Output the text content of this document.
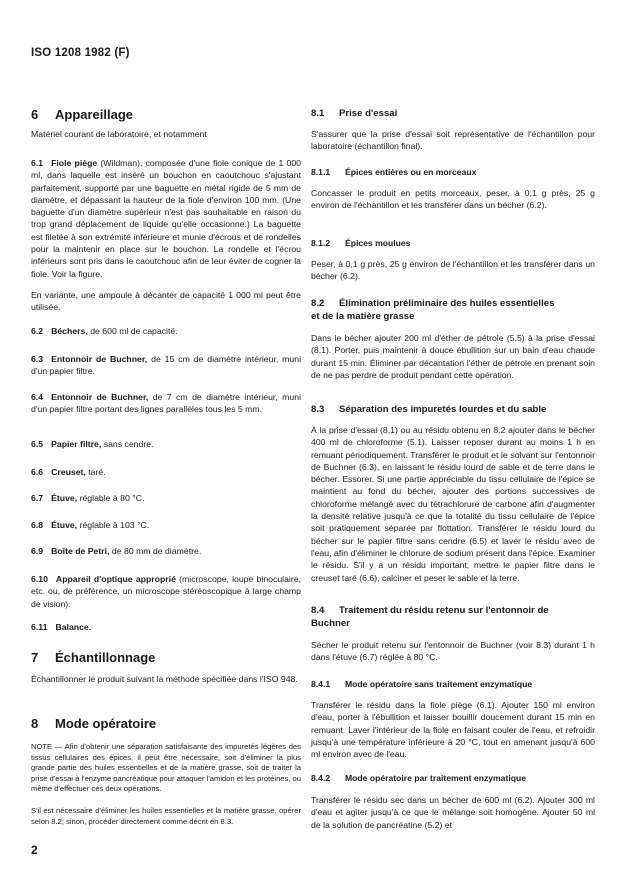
ISO 1208 1982 (F)
6 Appareillage
Matériel courant de laboratoire, et notamment
6.1 Fiole piège (Wildman), composée d'une fiole conique de 1 000 ml, dans laquelle est inséré un bouchon en caoutchouc s'ajustant parfaitement, supporté par une baguette en métal rigide de 5 mm de diamètre, et dépassant la hauteur de la fiole d'environ 100 mm. (Une baguette d'un diamètre supérieur n'est pas souhaitable en raison du trop grand déplacement de liquide qu'elle occasionne.) La baguette est filetée à son extrémité inférieure et munie d'écrous et de rondelles pour la maintenir en place sur le bouchon. La rondelle et l'écrou inférieurs sont pris dans le caoutchouc afin de leur éviter de cogner la fiole. Voir la figure.
En variante, une ampoule à décanter de capacité 1 000 ml peut être utilisée.
6.2 Béchers, de 600 ml de capacité.
6.3 Entonnoir de Buchner, de 15 cm de diamètre intérieur, muni d'un papier filtre.
6.4 Entonnoir de Buchner, de 7 cm de diamètre intérieur, muni d'un papier filtre portant des lignes parallèles tous les 5 mm.
6.5 Papier filtre, sans cendre.
6.6 Creuset, taré.
6.7 Étuve, réglable à 80 °C.
6.8 Étuve, réglable à 103 °C.
6.9 Boîte de Petri, de 80 mm de diamètre.
6.10 Appareil d'optique approprié (microscope, loupe binoculaire, etc. ou, de préférence, un microscope stéréoscopique à large champ de vision).
6.11 Balance.
7 Échantillonnage
Échantillonner le produit suivant la méthode spécifiée dans l'ISO 948.
8 Mode opératoire
NOTE — Afin d'obtenir une séparation satisfaisante des impuretés légères des tissus cellulaires des épices, il peut être nécessaire, soit d'éliminer la plus grande partie des huiles essentielles et de la matière grasse, soit de traiter la prise d'essai à l'enzyme pancréatique pour attaquer l'amidon et les protéines, ou même d'effectuer ces deux opérations.
S'il est nécessaire d'éliminer les huiles essentielles et la matière grasse, opérer selon 8.2; sinon, procéder directement comme décrit en 8.3.
8.1 Prise d'essai
S'assurer que la prise d'essai soit représentative de l'échantillon pour laboratoire (échantillon final).
8.1.1 Épices entières ou en morceaux
Concasser le produit en petits morceaux, peser, à 0,1 g près, 25 g environ de l'échantillon et les transférer dans un bécher (6.2).
8.1.2 Épices moulues
Peser, à 0,1 g près, 25 g environ de l'échantillon et les transférer dans un bécher (6.2).
8.2 Élimination préliminaire des huiles essentielles et de la matière grasse
Dans le bécher ajouter 200 ml d'éther de pétrole (5.5) à la prise d'essai (8.1). Porter, puis maintenir à douce ébullition sur un bain d'eau chaude durant 15 min. Éliminer par décantation l'éther de pétrole en prenant soin de ne pas perdre de produit pendant cette opération.
8.3 Séparation des impuretés lourdes et du sable
À la prise d'essai (8.1) ou au résidu obtenu en 8.2 ajouter dans le bécher 400 ml de chloroforme (5.1). Laisser reposer durant au moins 1 h en remuant périodiquement. Transférer le produit et le solvant sur l'entonnoir de Buchner (6.3), en laissant le résidu lourd de sable et de terre dans le bécher. Essorer. Si une partie appréciable du tissu cellulaire de l'épice se maintient au fond du bécher, ajouter des portions successives de chloroforme mélangé avec du tétrachlorure de carbone afin d'augmenter la densité relative jusqu'à ce que la totalité du tissu cellulaire de l'épice soit pratiquement séparée par flottation. Transférer le résidu lourd du bécher sur le papier filtre sans cendre (6.5) et laver le résidu avec de l'eau, afin d'éliminer le chlorure de sodium présent dans l'épice. Examiner le résidu. S'il y a un résidu important, mettre le papier filtre dans le creuset taré (6.6), calciner et peser le sable et la terre.
8.4 Traitement du résidu retenu sur l'entonnoir de Buchner
Sécher le produit retenu sur l'entonnoir de Buchner (voir 8.3) durant 1 h dans l'étuve (6.7) réglée à 80 °C.
8.4.1 Mode opératoire sans traitement enzymatique
Transférer le résidu dans la fiole piège (6.1). Ajouter 150 ml environ d'eau, porter à l'ébullition et laisser bouillir doucement durant 15 min en remuant. Laver l'intérieur de la fiole en faisant couler de l'eau, et refroidir jusqu'à une température inférieure à 20 °C, tout en amenant jusqu'à 600 ml environ avec de l'eau.
8.4.2 Mode opératoire par traitement enzymatique
Transférer le résidu sec dans un bécher de 600 ml (6.2). Ajouter 300 ml d'eau et agiter jusqu'à ce que le mélange soit homogène. Ajouter 50 ml de la solution de pancréatine (5.2) et
2
